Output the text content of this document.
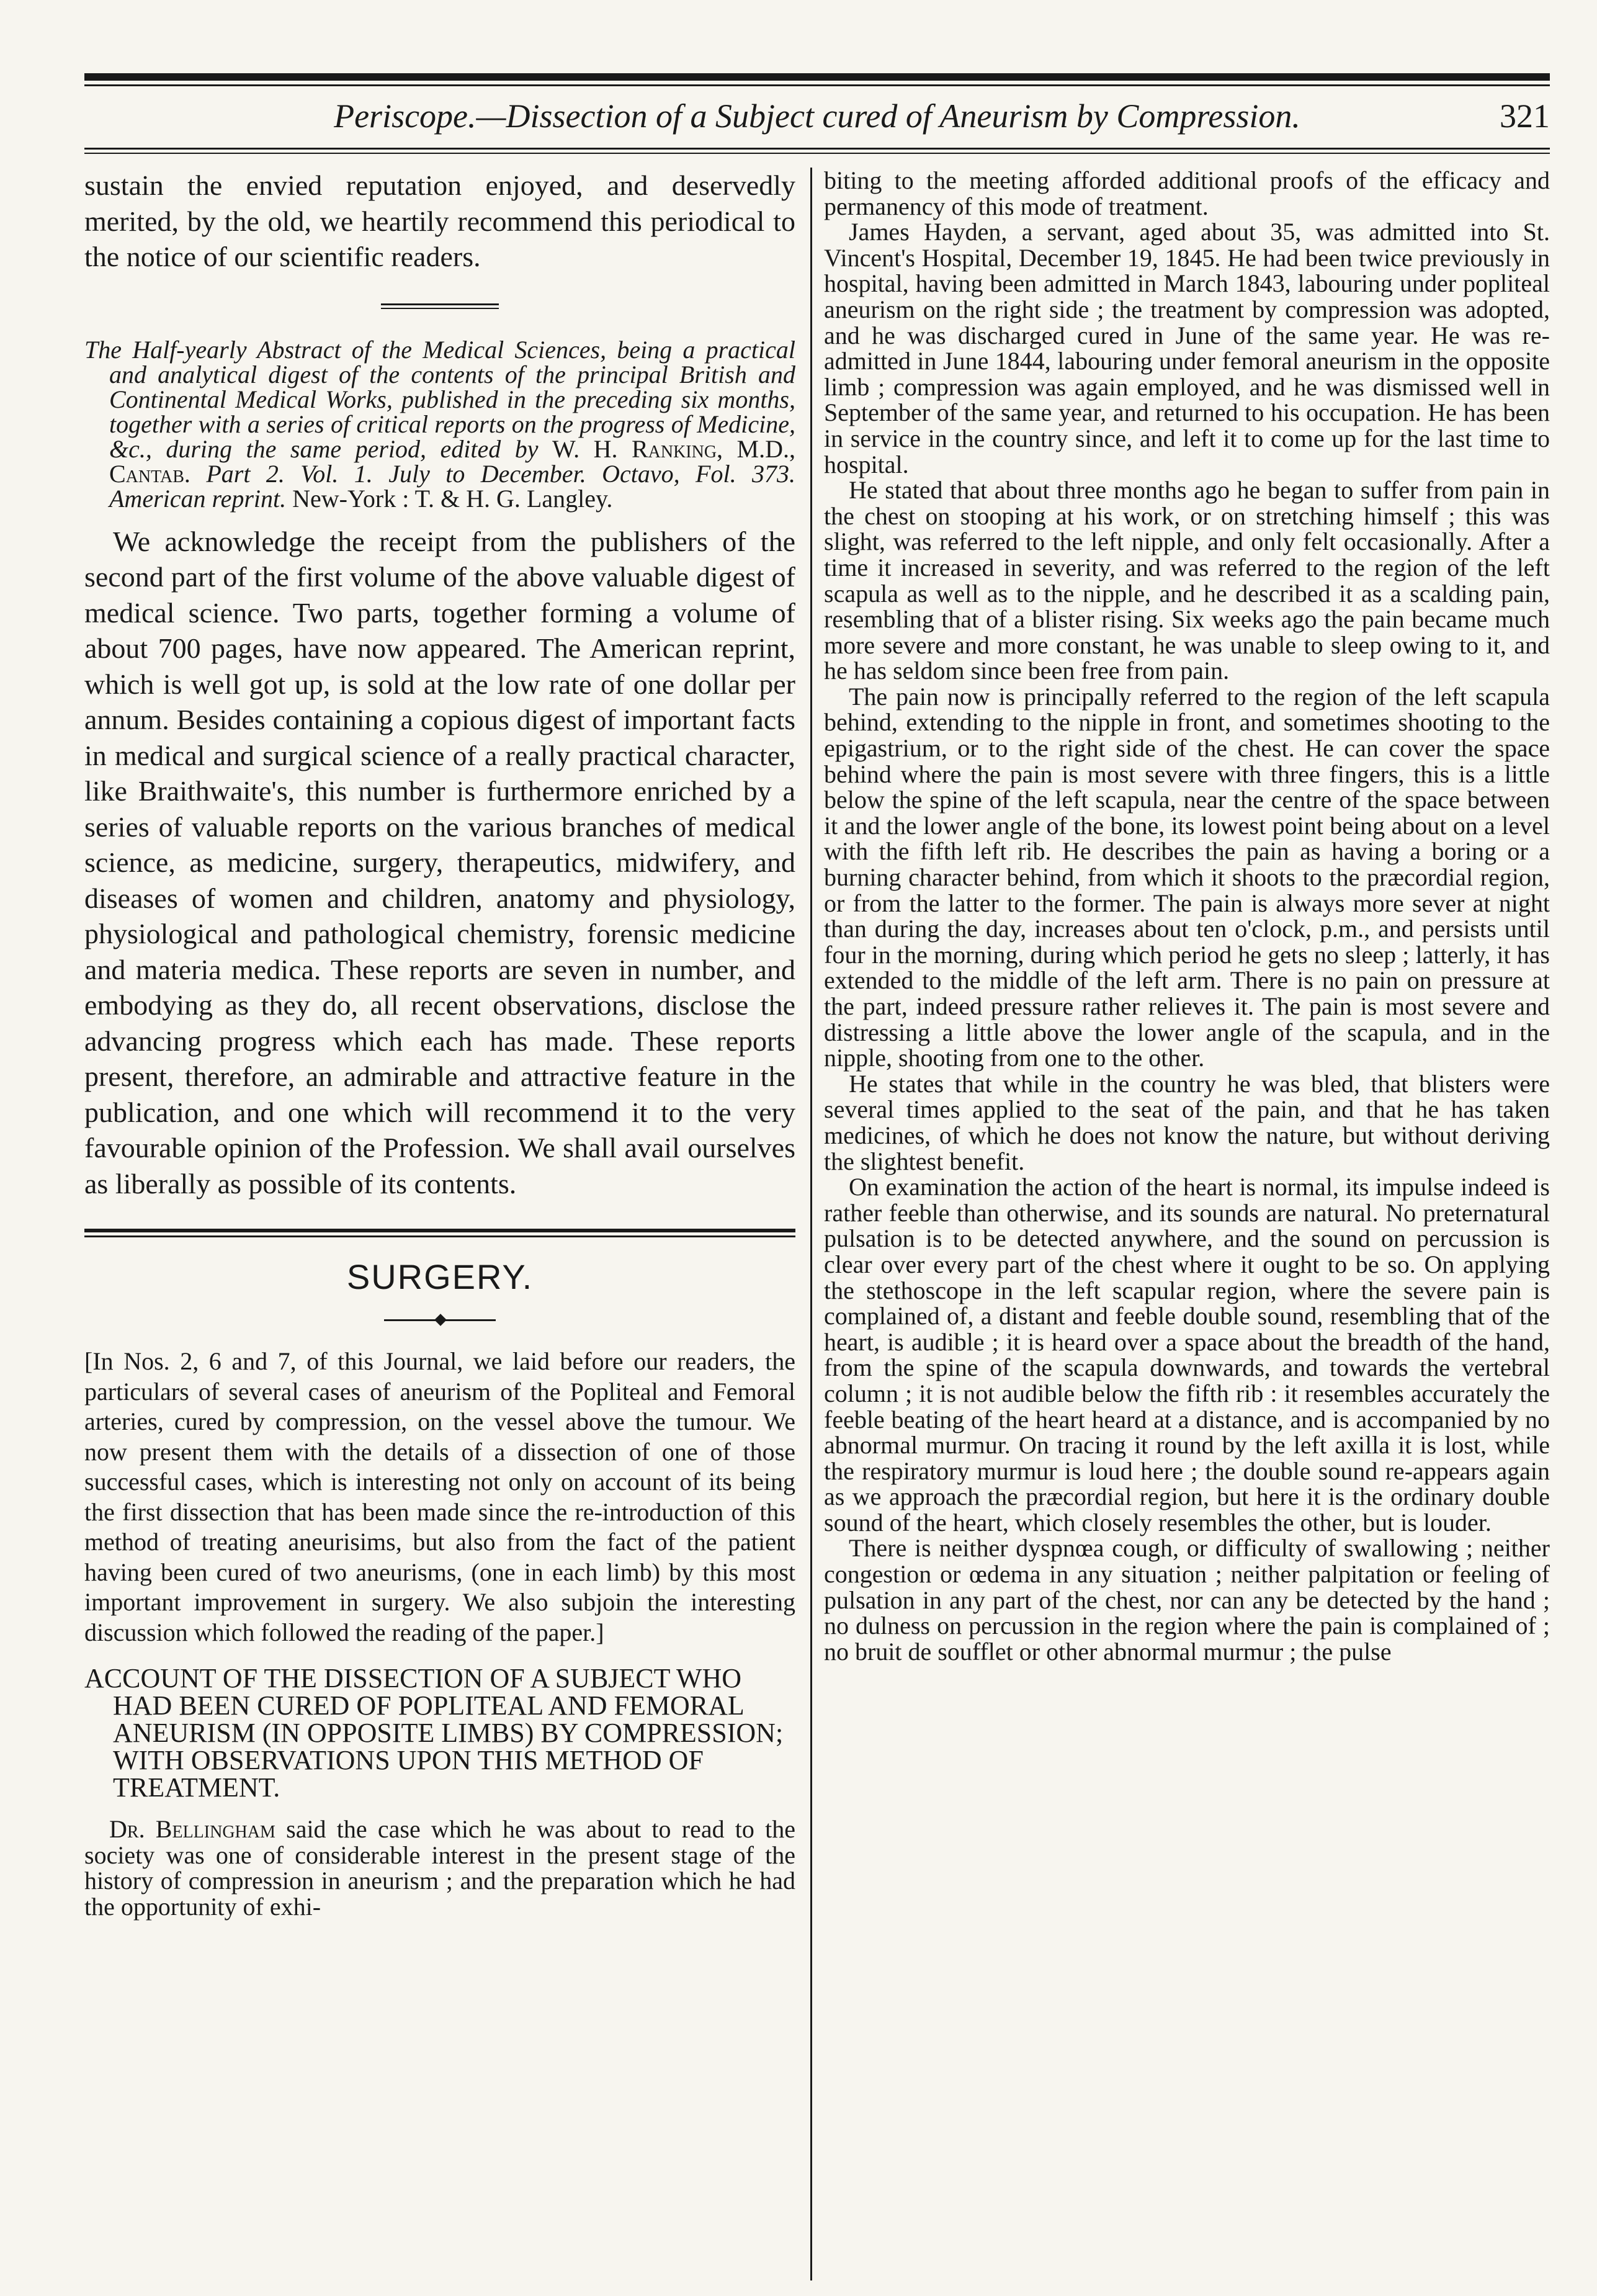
Periscope.—Dissection of a Subject cured of Aneurism by Compression.	321

sustain the envied reputation enjoyed, and deservedly merited, by the old, we heartily recommend this periodical to the notice of our scientific readers.

The Half-yearly Abstract of the Medical Sciences, being a practical and analytical digest of the contents of the principal British and Continental Medical Works, published in the preceding six months, together with a series of critical reports on the progress of Medicine, &c., during the same period, edited by W. H. Ranking, M.D., Cantab. Part 2. Vol. 1. July to December. Octavo, Fol. 373. American reprint. New-York : T. & H. G. Langley.

We acknowledge the receipt from the publishers of the second part of the first volume of the above valuable digest of medical science. Two parts, together forming a volume of about 700 pages, have now appeared. The American reprint, which is well got up, is sold at the low rate of one dollar per annum. Besides containing a copious digest of important facts in medical and surgical science of a really practical character, like Braithwaite's, this number is furthermore enriched by a series of valuable reports on the various branches of medical science, as medicine, surgery, therapeutics, midwifery, and diseases of women and children, anatomy and physiology, physiological and pathological chemistry, forensic medicine and materia medica. These reports are seven in number, and embodying as they do, all recent observations, disclose the advancing progress which each has made. These reports present, therefore, an admirable and attractive feature in the publication, and one which will recommend it to the very favourable opinion of the Profession. We shall avail ourselves as liberally as possible of its contents.

SURGERY.

[In Nos. 2, 6 and 7, of this Journal, we laid before our readers, the particulars of several cases of aneurism of the Popliteal and Femoral arteries, cured by compression, on the vessel above the tumour. We now present them with the details of a dissection of one of those successful cases, which is interesting not only on account of its being the first dissection that has been made since the re-introduction of this method of treating aneurisims, but also from the fact of the patient having been cured of two aneurisms, (one in each limb) by this most important improvement in surgery. We also subjoin the interesting discussion which followed the reading of the paper.]

ACCOUNT OF THE DISSECTION OF A SUBJECT WHO HAD BEEN CURED OF POPLITEAL AND FEMORAL ANEURISM (IN OPPOSITE LIMBS) BY COMPRESSION; WITH OBSERVATIONS UPON THIS METHOD OF TREATMENT.

Dr. Bellingham said the case which he was about to read to the society was one of considerable interest in the present stage of the history of compression in aneurism ; and the preparation which he had the opportunity of exhi-

biting to the meeting afforded additional proofs of the efficacy and permanency of this mode of treatment.

James Hayden, a servant, aged about 35, was admitted into St. Vincent's Hospital, December 19, 1845. He had been twice previously in hospital, having been admitted in March 1843, labouring under popliteal aneurism on the right side ; the treatment by compression was adopted, and he was discharged cured in June of the same year. He was re-admitted in June 1844, labouring under femoral aneurism in the opposite limb ; compression was again employed, and he was dismissed well in September of the same year, and returned to his occupation. He has been in service in the country since, and left it to come up for the last time to hospital.

He stated that about three months ago he began to suffer from pain in the chest on stooping at his work, or on stretching himself ; this was slight, was referred to the left nipple, and only felt occasionally. After a time it increased in severity, and was referred to the region of the left scapula as well as to the nipple, and he described it as a scalding pain, resembling that of a blister rising. Six weeks ago the pain became much more severe and more constant, he was unable to sleep owing to it, and he has seldom since been free from pain.

The pain now is principally referred to the region of the left scapula behind, extending to the nipple in front, and sometimes shooting to the epigastrium, or to the right side of the chest. He can cover the space behind where the pain is most severe with three fingers, this is a little below the spine of the left scapula, near the centre of the space between it and the lower angle of the bone, its lowest point being about on a level with the fifth left rib. He describes the pain as having a boring or a burning character behind, from which it shoots to the præcordial region, or from the latter to the former. The pain is always more sever at night than during the day, increases about ten o'clock, p.m., and persists until four in the morning, during which period he gets no sleep ; latterly, it has extended to the middle of the left arm. There is no pain on pressure at the part, indeed pressure rather relieves it. The pain is most severe and distressing a little above the lower angle of the scapula, and in the nipple, shooting from one to the other.

He states that while in the country he was bled, that blisters were several times applied to the seat of the pain, and that he has taken medicines, of which he does not know the nature, but without deriving the slightest benefit.

On examination the action of the heart is normal, its impulse indeed is rather feeble than otherwise, and its sounds are natural. No preternatural pulsation is to be detected anywhere, and the sound on percussion is clear over every part of the chest where it ought to be so. On applying the stethoscope in the left scapular region, where the severe pain is complained of, a distant and feeble double sound, resembling that of the heart, is audible ; it is heard over a space about the breadth of the hand, from the spine of the scapula downwards, and towards the vertebral column ; it is not audible below the fifth rib : it resembles accurately the feeble beating of the heart heard at a distance, and is accompanied by no abnormal murmur. On tracing it round by the left axilla it is lost, while the respiratory murmur is loud here ; the double sound re-appears again as we approach the præcordial region, but here it is the ordinary double sound of the heart, which closely resembles the other, but is louder.

There is neither dyspnœa cough, or difficulty of swallowing ; neither congestion or œdema in any situation ; neither palpitation or feeling of pulsation in any part of the chest, nor can any be detected by the hand ; no dulness on percussion in the region where the pain is complained of ; no bruit de soufflet or other abnormal murmur ; the pulse
